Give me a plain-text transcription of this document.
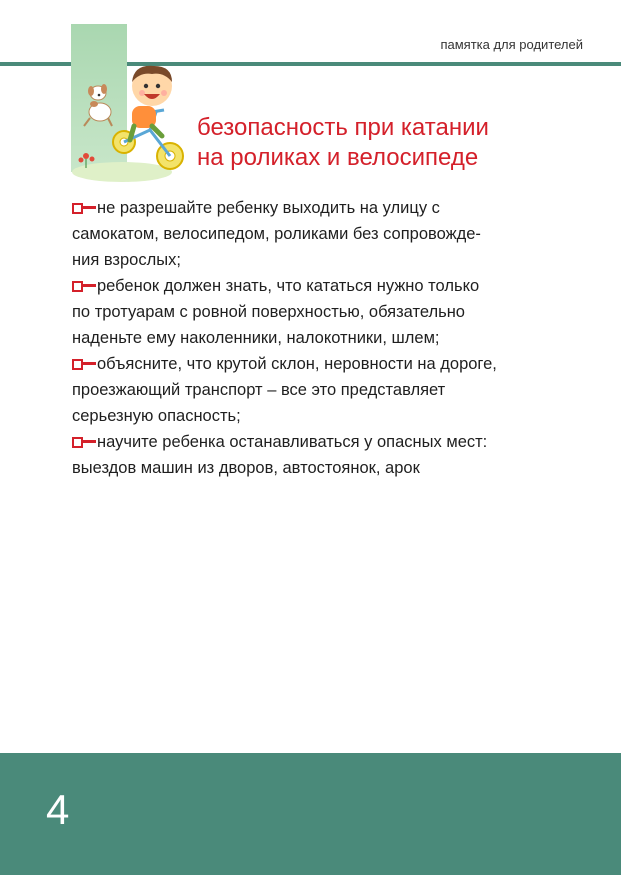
памятка для родителей
безопасность при катании
на роликах и велосипеде
не разрешайте ребенку выходить на улицу с
самокатом, велосипедом, роликами без сопровожде-
ния взрослых;
ребенок должен знать, что кататься нужно только
по тротуарам с ровной поверхностью, обязательно
наденьте ему наколенники, налокотники, шлем;
объясните, что крутой склон, неровности на дороге,
проезжающий транспорт – все это представляет
серьезную опасность;
научите ребенка останавливаться у опасных мест:
выездов машин из дворов, автостоянок, арок
4
